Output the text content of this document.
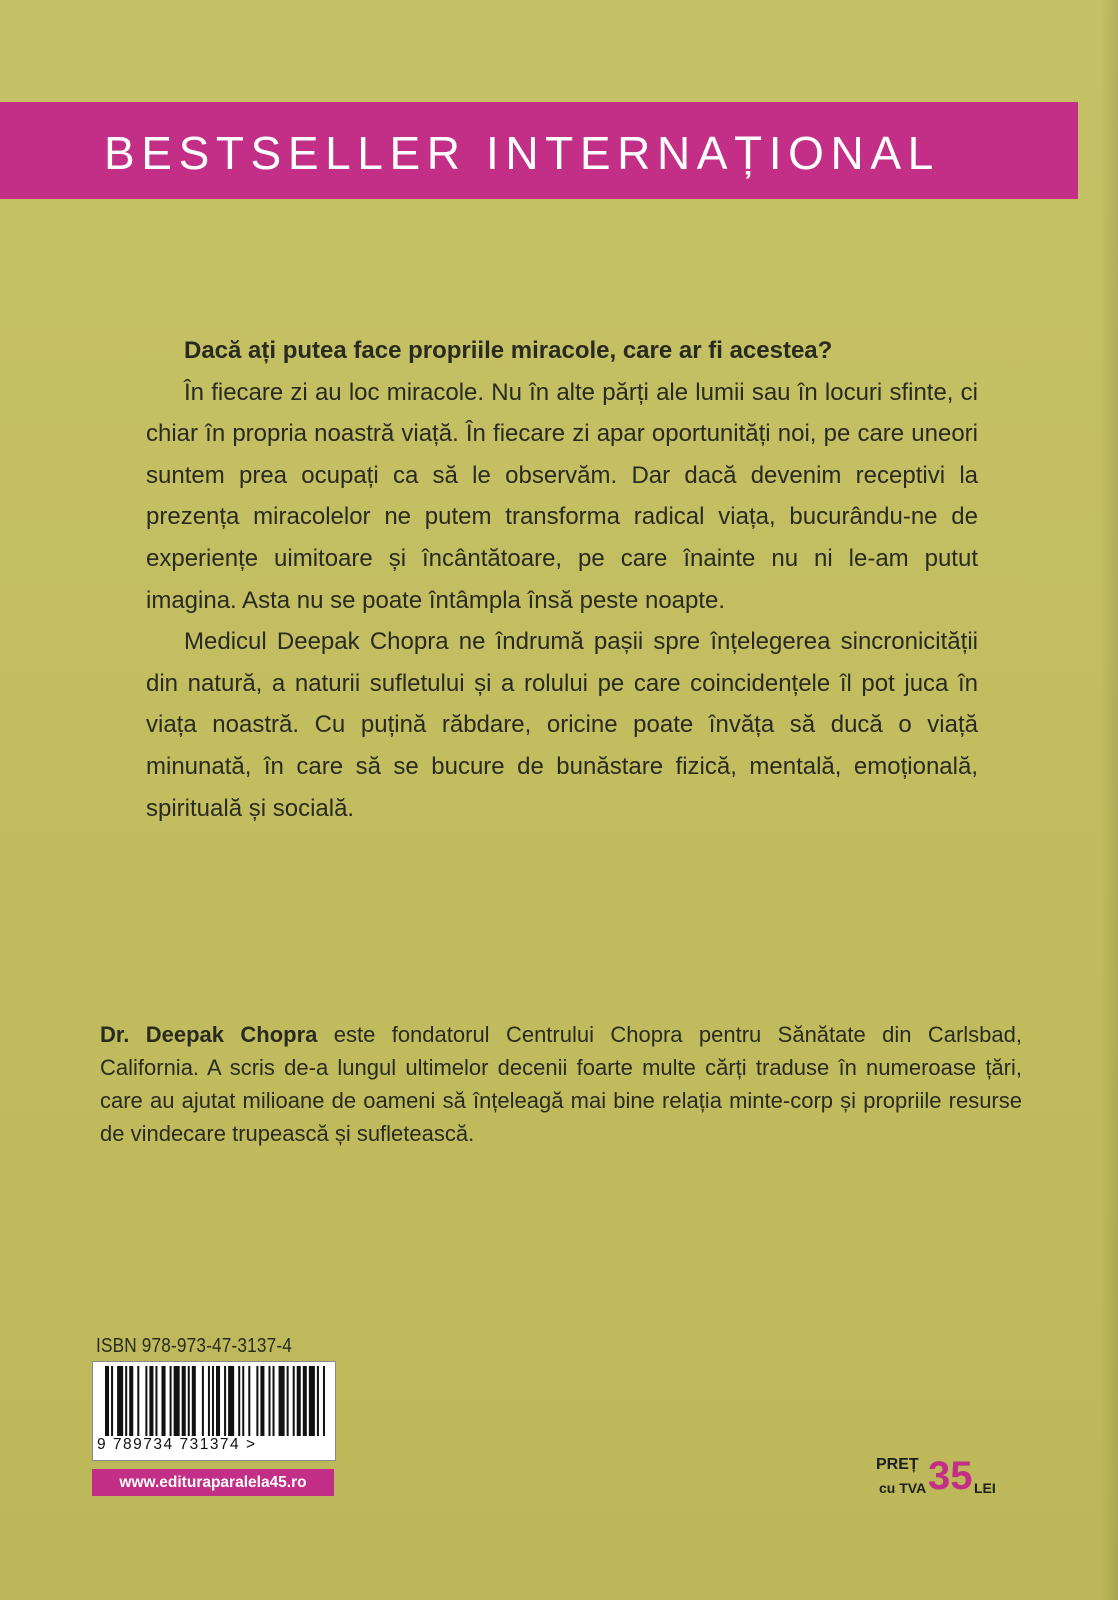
BESTSELLER INTERNAȚIONAL

Dacă ați putea face propriile miracole, care ar fi acestea?

În fiecare zi au loc miracole. Nu în alte părți ale lumii sau în locuri sfinte, ci chiar în propria noastră viață. În fiecare zi apar oportunități noi, pe care uneori suntem prea ocupați ca să le observăm. Dar dacă devenim receptivi la prezența miracolelor ne putem transforma radical viața, bucurându-ne de experiențe uimitoare și încântătoare, pe care înainte nu ni le-am putut imagina. Asta nu se poate întâmpla însă peste noapte.

Medicul Deepak Chopra ne îndrumă pașii spre înțelegerea sincronicității din natură, a naturii sufletului și a rolului pe care coincidențele îl pot juca în viața noastră. Cu puțină răbdare, oricine poate învăța să ducă o viață minunată, în care să se bucure de bunăstare fizică, mentală, emoțională, spirituală și socială.

Dr. Deepak Chopra este fondatorul Centrului Chopra pentru Sănătate din Carlsbad, California. A scris de-a lungul ultimelor decenii foarte multe cărți traduse în numeroase țări, care au ajutat milioane de oameni să înțeleagă mai bine relația minte-corp și propriile resurse de vindecare trupească și sufletească.
ISBN 978-973-47-3137-4
9 789734 731374 >
www.edituraparalela45.ro
PREȚ
cu TVA 35 LEI
